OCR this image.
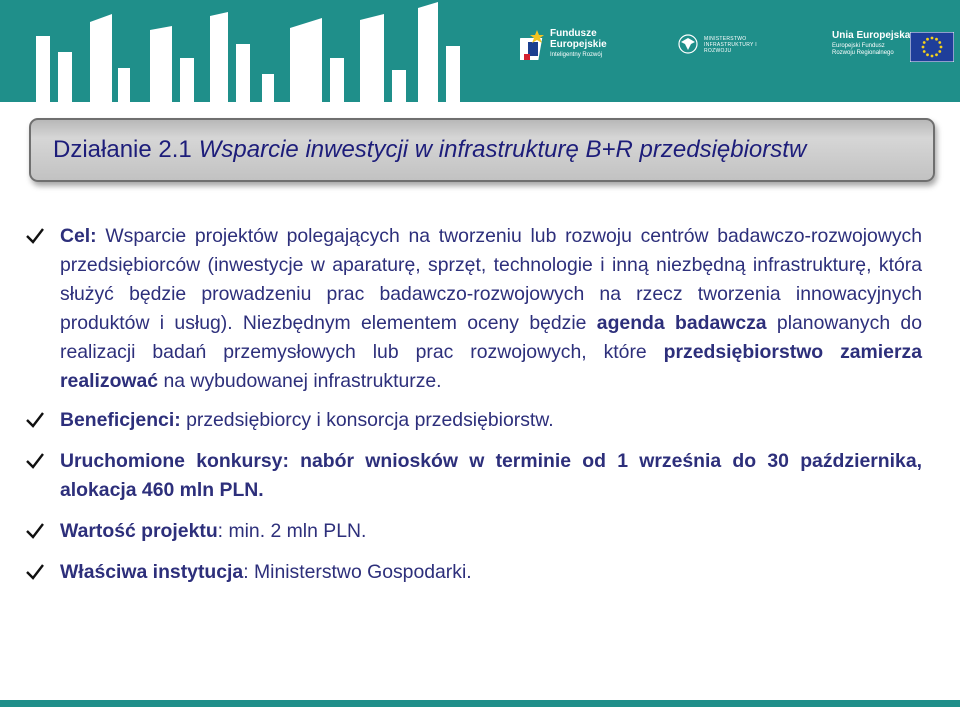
Fundusze
Europejskie
Inteligentny Rozwój
MINISTERSTWO INFRASTRUKTURY I ROZWOJU
Unia Europejska
Europejski Fundusz
Rozwoju Regionalnego
Działanie 2.1 Wsparcie inwestycji w infrastrukturę B+R przedsiębiorstw
Cel: Wsparcie projektów polegających na tworzeniu lub rozwoju centrów badawczo-rozwojowych przedsiębiorców (inwestycje w aparaturę, sprzęt, technologie i inną niezbędną infrastrukturę, która służyć będzie prowadzeniu prac badawczo-rozwojowych na rzecz tworzenia innowacyjnych produktów i usług). Niezbędnym elementem oceny będzie agenda badawcza planowanych do realizacji badań przemysłowych lub prac rozwojowych, które przedsiębiorstwo zamierza realizować na wybudowanej infrastrukturze.
Beneficjenci: przedsiębiorcy i konsorcja przedsiębiorstw.
Uruchomione konkursy: nabór wniosków w terminie od 1 września do 30 października, alokacja 460 mln PLN.
Wartość projektu: min. 2 mln PLN.
Właściwa instytucja: Ministerstwo Gospodarki.
